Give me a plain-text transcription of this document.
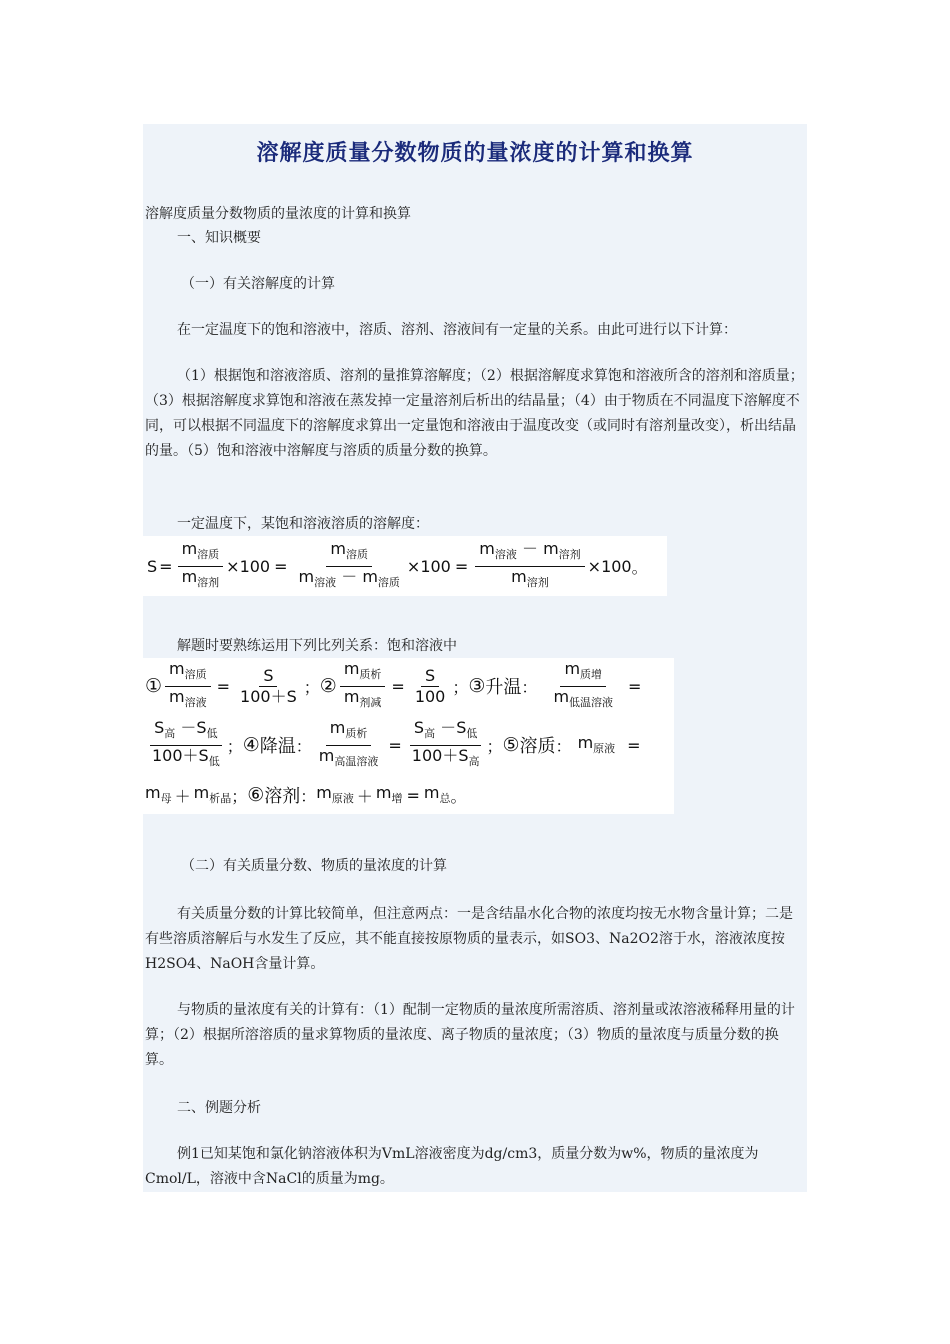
溶解度质量分数物质的量浓度的计算和换算

溶解度质量分数物质的量浓度的计算和换算

一、知识概要

（一）有关溶解度的计算

在一定温度下的饱和溶液中，溶质、溶剂、溶液间有一定量的关系。由此可进行以下计算：

（1）根据饱和溶液溶质、溶剂的量推算溶解度；（2）根据溶解度求算饱和溶液所含的溶剂和溶质量；（3）根据溶解度求算饱和溶液在蒸发掉一定量溶剂后析出的结晶量；（4）由于物质在不同温度下溶解度不同，可以根据不同温度下的溶解度求算出一定量饱和溶液由于温度改变（或同时有溶剂量改变），析出结晶的量。（5）饱和溶液中溶解度与溶质的质量分数的换算。

一定温度下，某饱和溶液溶质的溶解度：

$S = \frac{m_{溶质}}{m_{溶剂}} \times 100 = \frac{m_{溶质}}{m_{溶液} - m_{溶质}} \times 100 = \frac{m_{溶液} - m_{溶剂}}{m_{溶剂}} \times 100$ 。

解题时要熟练运用下列比列关系：饱和溶液中

① $\frac{m_{溶质}}{m_{溶液}} = \frac{S}{100+S}$ ； ② $\frac{m_{质析}}{m_{剂减}} = \frac{S}{100}$ ； ③ 升温 ： $\frac{m_{质增}}{m_{低温溶液}}$ =
$\frac{S_高 -S_低}{100+S_低}$ ； ④ 降温 ： $\frac{m_{质析}}{m_{高温溶液}} = \frac{S_高 -S_低}{100+S_高}$ ； ⑤ 溶质 ： $m_{原液}$ =
$m_母 + m_{析晶}$ ； ⑥ 溶剂 ： $m_{原液} + m_增 = m_总$ 。

（二）有关质量分数、物质的量浓度的计算

有关质量分数的计算比较简单，但注意两点：一是含结晶水化合物的浓度均按无水物含量计算；二是有些溶质溶解后与水发生了反应，其不能直接按原物质的量表示，如SO3、Na2O2溶于水，溶液浓度按H2SO4、NaOH含量计算。

与物质的量浓度有关的计算有：（1）配制一定物质的量浓度所需溶质、溶剂量或浓溶液稀释用量的计算；（2）根据所溶溶质的量求算物质的量浓度、离子物质的量浓度；（3）物质的量浓度与质量分数的换算。

二、例题分析

例1已知某饱和氯化钠溶液体积为VmL溶液密度为dg/cm3，质量分数为w%，物质的量浓度为Cmol/L，溶液中含NaCl的质量为mg。
